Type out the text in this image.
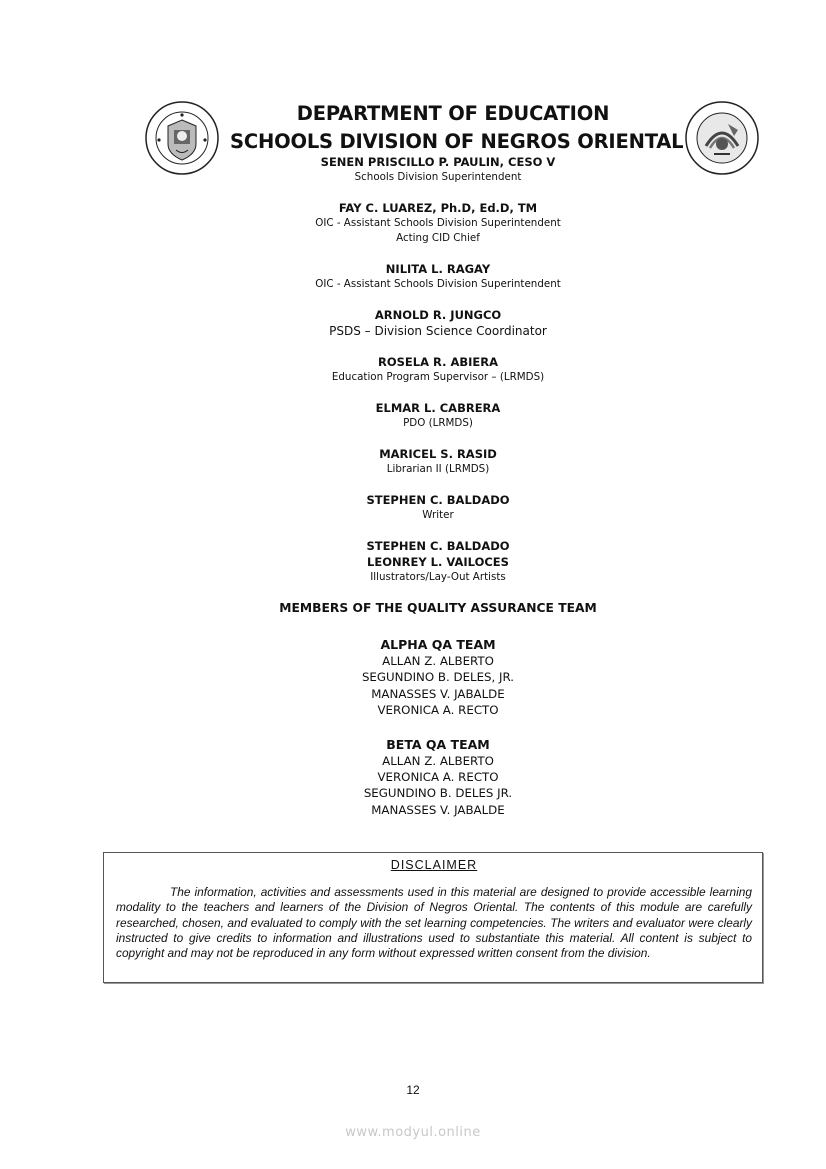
DEPARTMENT OF EDUCATION
SCHOOLS DIVISION OF NEGROS ORIENTAL
SENEN PRISCILLO P. PAULIN, CESO V
Schools Division Superintendent
FAY C. LUAREZ, Ph.D, Ed.D, TM
OIC - Assistant Schools Division Superintendent
Acting CID Chief
NILITA L. RAGAY
OIC - Assistant Schools Division Superintendent
ARNOLD R. JUNGCO
PSDS – Division Science Coordinator
ROSELA R. ABIERA
Education Program Supervisor – (LRMDS)
ELMAR L. CABRERA
PDO (LRMDS)
MARICEL S. RASID
Librarian II (LRMDS)
STEPHEN C. BALDADO
Writer
STEPHEN C. BALDADO
LEONREY L. VAILOCES
Illustrators/Lay-Out Artists
MEMBERS OF THE QUALITY ASSURANCE TEAM
ALPHA QA TEAM
ALLAN Z. ALBERTO
SEGUNDINO B. DELES, JR.
MANASSES V. JABALDE
VERONICA A. RECTO
BETA QA TEAM
ALLAN Z. ALBERTO
VERONICA A. RECTO
SEGUNDINO B. DELES JR.
MANASSES V. JABALDE
DISCLAIMER

The information, activities and assessments used in this material are designed to provide accessible learning modality to the teachers and learners of the Division of Negros Oriental. The contents of this module are carefully researched, chosen, and evaluated to comply with the set learning competencies. The writers and evaluator were clearly instructed to give credits to information and illustrations used to substantiate this material. All content is subject to copyright and may not be reproduced in any form without expressed written consent from the division.

12
www.modyul.online
